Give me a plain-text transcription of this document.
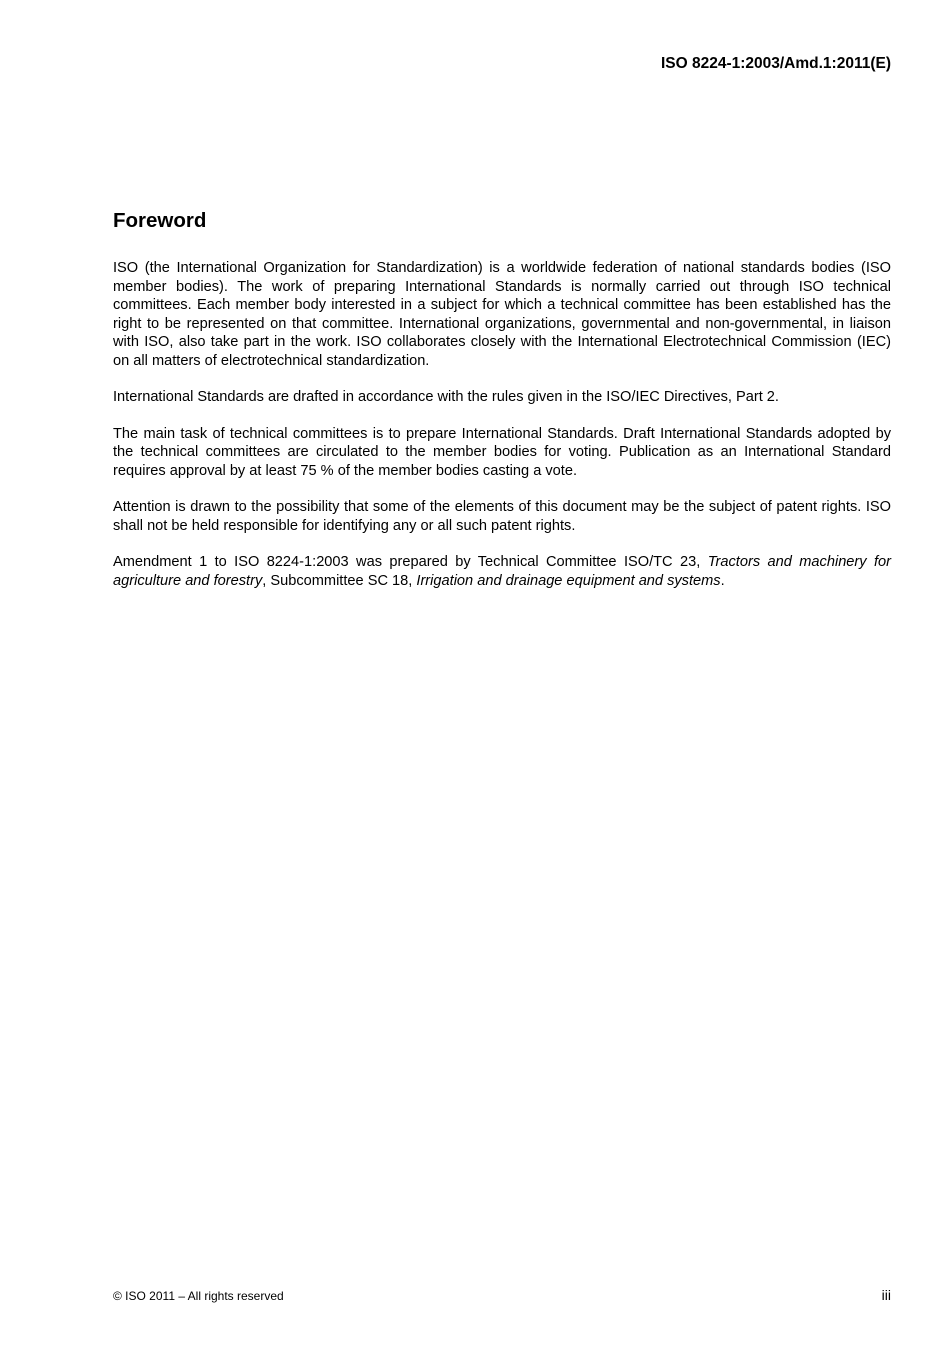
ISO 8224-1:2003/Amd.1:2011(E)
Foreword

ISO (the International Organization for Standardization) is a worldwide federation of national standards bodies (ISO member bodies). The work of preparing International Standards is normally carried out through ISO technical committees. Each member body interested in a subject for which a technical committee has been established has the right to be represented on that committee. International organizations, governmental and non-governmental, in liaison with ISO, also take part in the work. ISO collaborates closely with the International Electrotechnical Commission (IEC) on all matters of electrotechnical standardization.

International Standards are drafted in accordance with the rules given in the ISO/IEC Directives, Part 2.

The main task of technical committees is to prepare International Standards. Draft International Standards adopted by the technical committees are circulated to the member bodies for voting. Publication as an International Standard requires approval by at least 75 % of the member bodies casting a vote.

Attention is drawn to the possibility that some of the elements of this document may be the subject of patent rights. ISO shall not be held responsible for identifying any or all such patent rights.

Amendment 1 to ISO 8224-1:2003 was prepared by Technical Committee ISO/TC 23, Tractors and machinery for agriculture and forestry, Subcommittee SC 18, Irrigation and drainage equipment and systems.

© ISO 2011 – All rights reserved	iii
